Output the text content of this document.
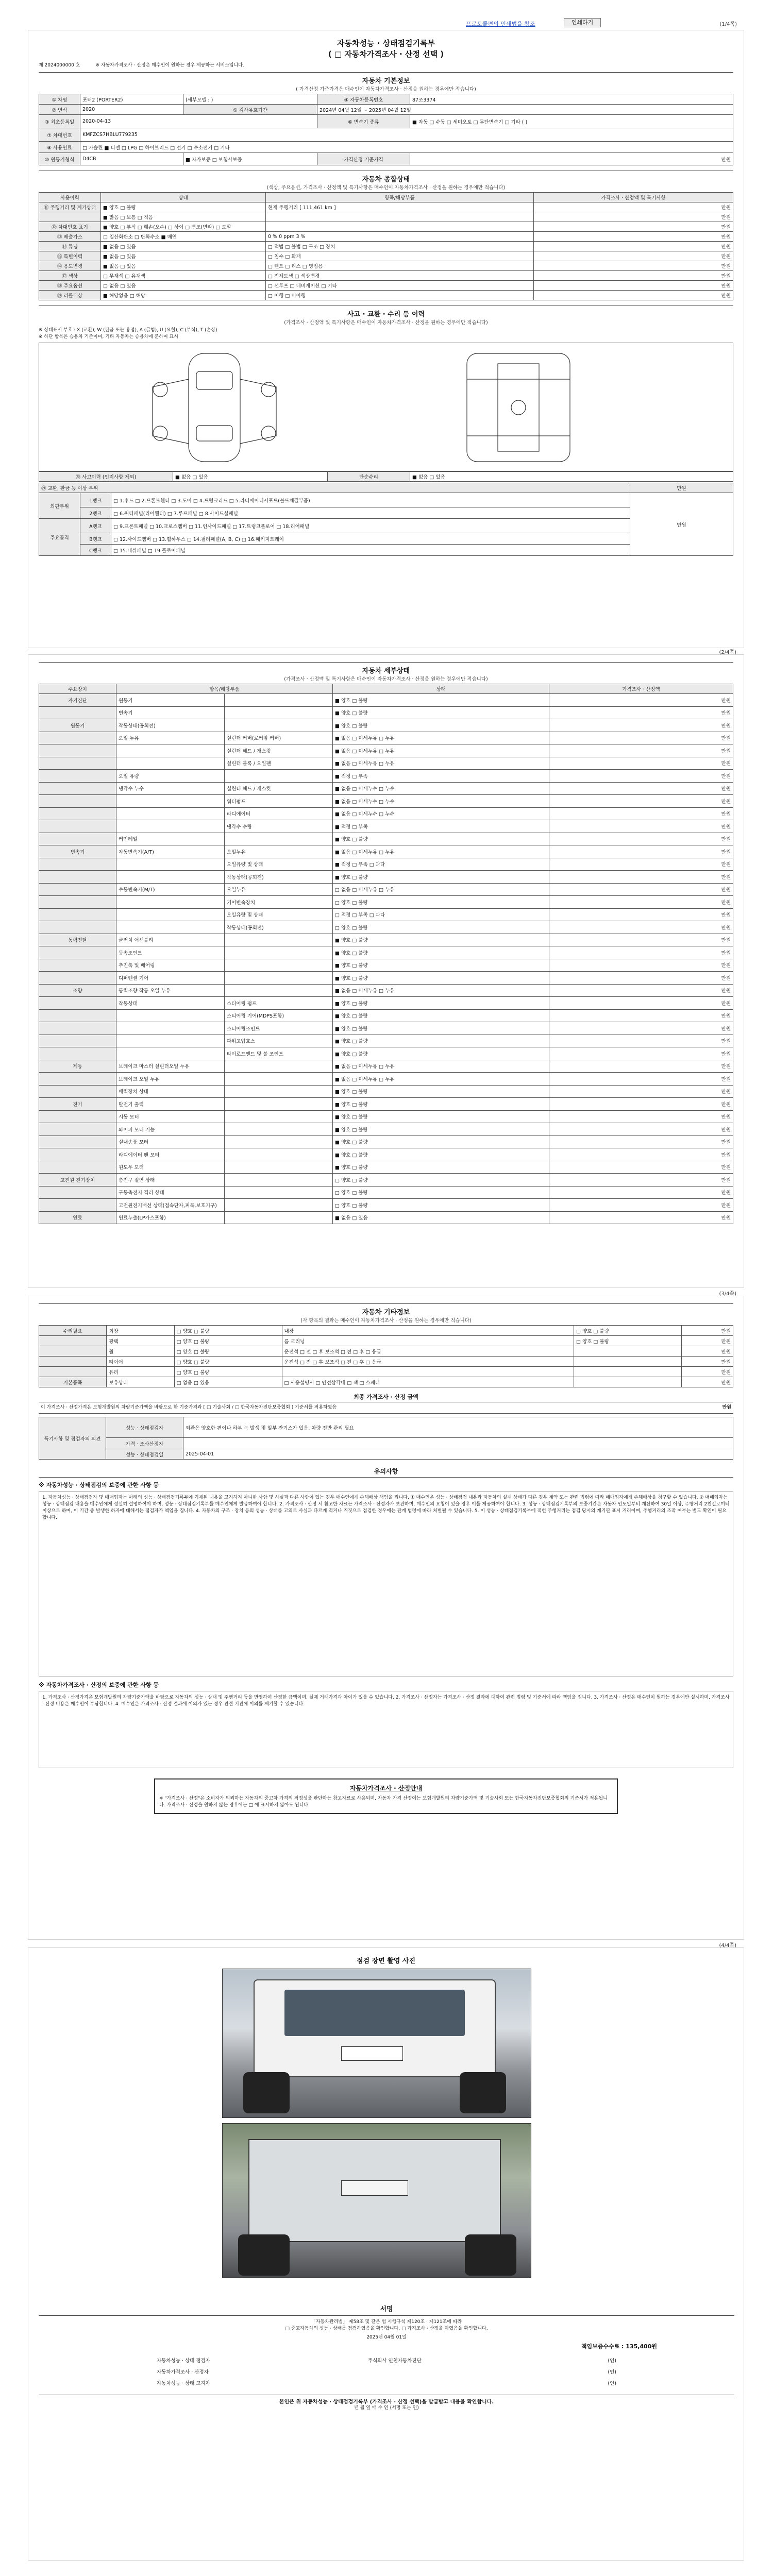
프로토콜편의 인쇄법을 참조	인쇄하기	(1/4쪽)
자동차성능 · 상태점검기록부
( □ 자동차가격조사 · 산정 선택 )
제 2024000000 호	※ 자동차가격조사 · 산정은 매수인이 원하는 경우 제공하는 서비스입니다.
자동차 기본정보
( 가격산정 가준가격은 매수인이 자동차가격조사 · 산정을 원하는 경우에만 적습니다)
① 차명	포터2 (PORTER2)	(세부모델 : )	④ 자동차등록번호	87조3374
② 연식	2020	⑤ 검사유효기간	2024년 04월 12일 ~ 2025년 04월 12일	
③ 최초등록일	2020-04-13		⑥ 변속기 종류	■ 자동 □ 수동 □ 세미오토 □ 무단변속기 □ 기타 ( )
⑦ 차대번호	KMFZCS7HBLU779235			
⑧ 사용연료	□ 가솔린 ■ 디젤 □ LPG □ 하이브리드 □ 전기 □ 수소전기 □ 기타			
⑩ 원동기형식	D4CB	■ 자가보증 □ 보험사보증	가격산정 기준가격	만원
자동차 종합상태
(색상, 주요옵션, 가격조사 · 산정액 및 특기사항은 매수인이 자동차가격조사 · 산정을 원하는 경우에만 적습니다)
사용이력	상태	항목/해당부품	가격조사 · 산정액 및 특기사항
⑪ 주행거리 및 계기상태	■ 양호 □ 불량	현재 주행거리 [ 111,461 km ]	만원
	■ 많음 □ 보통 □ 적음		만원
⑫ 차대번호 표기	■ 양호 □ 부식 □ 훼손(오손) □ 상이 □ 변조(변타) □ 도말		만원
⑬ 배출가스	□ 일산화탄소 □ 탄화수소 ■ 매연	0 % 0 ppm 3 %	만원
⑭ 튜닝	■ 없음 □ 있음	□ 적법 □ 불법 □ 구조 □ 장치	만원
⑮ 특별이력	■ 없음 □ 있음	□ 침수 □ 화재	만원
⑯ 용도변경	■ 없음 □ 있음	□ 렌트 □ 리스 □ 영업용	만원
⑰ 색상	□ 무채색 □ 유채색	□ 전체도색 □ 색상변경	만원
⑱ 주요옵션	□ 없음 □ 있음	□ 선루프 □ 네비게이션 □ 기타	만원
⑲ 리콜대상	■ 해당없음 □ 해당	□ 이행 □ 미이행	만원
사고 · 교환 · 수리 등 이력
(가격조사 · 산정액 및 특기사항은 매수인이 자동차가격조사 · 산정을 원하는 경우에만 적습니다)
※ 상태표시 부호 : X (교환), W (판금 또는 용접), A (긁힘), U (요철), C (부식), T (손상)
※ 하단 항목은 승용차 기준이며, 기타 자동차는 승용차에 준하여 표시
⑳ 사고이력 (인지사항 제외)	■ 없음 □ 있음	단순수리	■ 없음 □ 있음
㉑ 교환, 판금 등 이상 부위			만원
외판부위	1랭크	□ 1.후드 □ 2.프론트휀더 □ 3.도어 □ 4.트렁크리드 □ 5.라디에이터서포트(볼트체결부품)	만원
	2랭크	□ 6.쿼터패널(리어휀더) □ 7.루프패널 □ 8.사이드실패널	
주요골격	A랭크	□ 9.프론트패널 □ 10.크로스멤버 □ 11.인사이드패널 □ 17.트렁크플로어 □ 18.리어패널	
	B랭크	□ 12.사이드멤버 □ 13.휠하우스 □ 14.필러패널(A, B, C) □ 16.패키지트레이	
	C랭크	□ 15.대쉬패널 □ 19.플로어패널	
(2/4쪽)
자동차 세부상태
(가격조사 · 산정액 및 특기사항은 매수인이 자동차가격조사 · 산정을 원하는 경우에만 적습니다)
주요장치	항목/해당부품		상태	가격조사 · 산정액
자기진단	원동기		■ 양호 □ 불량	만원
	변속기		■ 양호 □ 불량	만원
원동기	작동상태(공회전)		■ 양호 □ 불량	만원
	오일 누유	실린더 커버(로커암 커버)	■ 없음 □ 미세누유 □ 누유	만원
		실린더 헤드 / 개스킷	■ 없음 □ 미세누유 □ 누유	만원
		실린더 블록 / 오일팬	■ 없음 □ 미세누유 □ 누유	만원
	오일 유량		■ 적정 □ 부족	만원
	냉각수 누수	실린더 헤드 / 개스킷	■ 없음 □ 미세누수 □ 누수	만원
		워터펌프	■ 없음 □ 미세누수 □ 누수	만원
		라디에이터	■ 없음 □ 미세누수 □ 누수	만원
		냉각수 수량	■ 적정 □ 부족	만원
	커먼레일		■ 양호 □ 불량	만원
변속기	자동변속기(A/T)	오일누유	■ 없음 □ 미세누유 □ 누유	만원
		오일유량 및 상태	■ 적정 □ 부족 □ 과다	만원
		작동상태(공회전)	■ 양호 □ 불량	만원
	수동변속기(M/T)	오일누유	□ 없음 □ 미세누유 □ 누유	만원
		기어변속장치	□ 양호 □ 불량	만원
		오일유량 및 상태	□ 적정 □ 부족 □ 과다	만원
		작동상태(공회전)	□ 양호 □ 불량	만원
동력전달	클러치 어셈블리		■ 양호 □ 불량	만원
	등속조인트		■ 양호 □ 불량	만원
	추진축 및 베어링		■ 양호 □ 불량	만원
	디퍼렌셜 기어		■ 양호 □ 불량	만원
조향	동력조향 작동 오일 누유		■ 없음 □ 미세누유 □ 누유	만원
	작동상태	스티어링 펌프	■ 양호 □ 불량	만원
		스티어링 기어(MDPS포함)	■ 양호 □ 불량	만원
		스티어링조인트	■ 양호 □ 불량	만원
		파워고압호스	■ 양호 □ 불량	만원
		타이로드엔드 및 볼 조인트	■ 양호 □ 불량	만원
제동	브레이크 마스터 실린더오일 누유		■ 없음 □ 미세누유 □ 누유	만원
	브레이크 오일 누유		■ 없음 □ 미세누유 □ 누유	만원
	배력장치 상태		■ 양호 □ 불량	만원
전기	발전기 출력		■ 양호 □ 불량	만원
	시동 모터		■ 양호 □ 불량	만원
	와이퍼 모터 기능		■ 양호 □ 불량	만원
	실내송풍 모터		■ 양호 □ 불량	만원
	라디에이터 팬 모터		■ 양호 □ 불량	만원
	윈도우 모터		■ 양호 □ 불량	만원
고전원 전기장치	충전구 절연 상태		□ 양호 □ 불량	만원
	구동축전지 격리 상태		□ 양호 □ 불량	만원
	고전원전기배선 상태(접속단자,피복,보호기구)		□ 양호 □ 불량	만원
연료	연료누출(LP가스포함)		■ 없음 □ 있음	만원
(3/4쪽)
자동차 기타정보
(각 항목의 결과는 매수인이 자동차가격조사 · 산정을 원하는 경우에만 적습니다)
수리필요	외장	□ 양호 □ 불량	내장	□ 양호 □ 불량	만원
	광택	□ 양호 □ 불량	룸 크리닝	□ 양호 □ 불량	만원
	휠	□ 양호 □ 불량	운전석 □ 전 □ 후 보조석 □ 전 □ 후 □ 응급		만원
	타이어	□ 양호 □ 불량	운전석 □ 전 □ 후 보조석 □ 전 □ 후 □ 응급		만원
	유리	□ 양호 □ 불량			만원
기본품목	보유상태	□ 없음 □ 있음	□ 사용설명서 □ 안전삼각대 □ 잭 □ 스패너		만원
최종 가격조사 · 산정 금액
이 가격조사 · 산정가격은 보험개발원의 차량기준가액을 바탕으로 한 기준가격과 [ □ 기술사회 / □ 한국자동차진단보증협회 ] 기준서를 적용하였음	만원
특기사항 및 점검자의 의견	성능 · 상태점검자	외관은 양호한 편이나 하부 녹 발생 및 일부 잔기스가 있음. 차량 전반 관리 필요
	가격 · 조사산정자	
	성능 · 상태점검일	2025-04-01
유의사항
※ 자동차성능 · 상태점검의 보증에 관한 사항 등
1. 자동차성능 · 상태점검자 및 매매업자는 아래의 성능 · 상태점검기록부에 기재된 내용을 고지하지 아니한 사항 및 사실과 다른 사항이 있는 경우 매수인에게 손해배상 책임을 집니다. ① 매수인은 성능 · 상태점검 내용과 자동차의 실제 상태가 다른 경우 계약 또는 관련 법령에 따라 매매업자에게 손해배상을 청구할 수 있습니다. ② 매매업자는 성능 · 상태점검 내용을 매수인에게 성실히 설명하여야 하며, 성능 · 상태점검기록부를 매수인에게 발급하여야 합니다. 2. 가격조사 · 산정 시 참고한 자료는 가격조사 · 산정자가 보관하며, 매수인의 요청이 있을 경우 이를 제공하여야 합니다. 3. 성능 · 상태점검기록부의 보증기간은 자동차 인도일부터 계산하여 30일 이상, 주행거리 2천킬로미터 이상으로 하며, 이 기간 중 발생한 하자에 대해서는 점검자가 책임을 집니다. 4. 자동차의 구조 · 장치 등의 성능 · 상태를 고의로 사실과 다르게 적거나 거짓으로 점검한 경우에는 관계 법령에 따라 처벌될 수 있습니다. 5. 이 성능 · 상태점검기록부에 적힌 주행거리는 점검 당시의 계기판 표시 거리이며, 주행거리의 조작 여부는 별도 확인이 필요합니다.
※ 자동차가격조사 · 산정의 보증에 관한 사항 등
1. 가격조사 · 산정가격은 보험개발원의 차량기준가액을 바탕으로 자동차의 성능 · 상태 및 주행거리 등을 반영하여 산정한 금액이며, 실제 거래가격과 차이가 있을 수 있습니다. 2. 가격조사 · 산정자는 가격조사 · 산정 결과에 대하여 관련 법령 및 기준서에 따라 책임을 집니다. 3. 가격조사 · 산정은 매수인이 원하는 경우에만 실시하며, 가격조사 · 산정 비용은 매수인이 부담합니다. 4. 매수인은 가격조사 · 산정 결과에 이의가 있는 경우 관련 기관에 이의를 제기할 수 있습니다.
자동차가격조사 · 산정안내
※ "가격조사 · 산정"은 소비자가 의뢰하는 자동차의 중고차 가격의 적정성을 판단하는 참고자료로 사용되며, 자동차 가격 산정에는 보험개발원의 차량기준가액 및 기술사회 또는 한국자동차진단보증협회의 기준서가 적용됩니다. 가격조사 · 산정을 원하지 않는 경우에는 □ 에 표시하지 않아도 됩니다.
(4/4쪽)
점검 장면 촬영 사진
서명
「자동차관리법」 제58조 및 같은 법 시행규칙 제120조 · 제121조에 따라
□ 중고자동차의 성능 · 상태를 점검하였음을 확인합니다. □ 가격조사 · 산정을 하였음을 확인합니다.
2025년 04월 01일
책임보증수수료 : 135,400원
자동차성능 · 상태 점검자	주식회사 인천자동차진단	(인)
자동차가격조사 · 산정자		(인)
자동차성능 · 상태 고지자		(인)
본인은 위 자동차성능 · 상태점검기록부 (가격조사 · 산정 선택)을 발급받고 내용을 확인합니다.
년 월 일 매 수 인 (서명 또는 인)
